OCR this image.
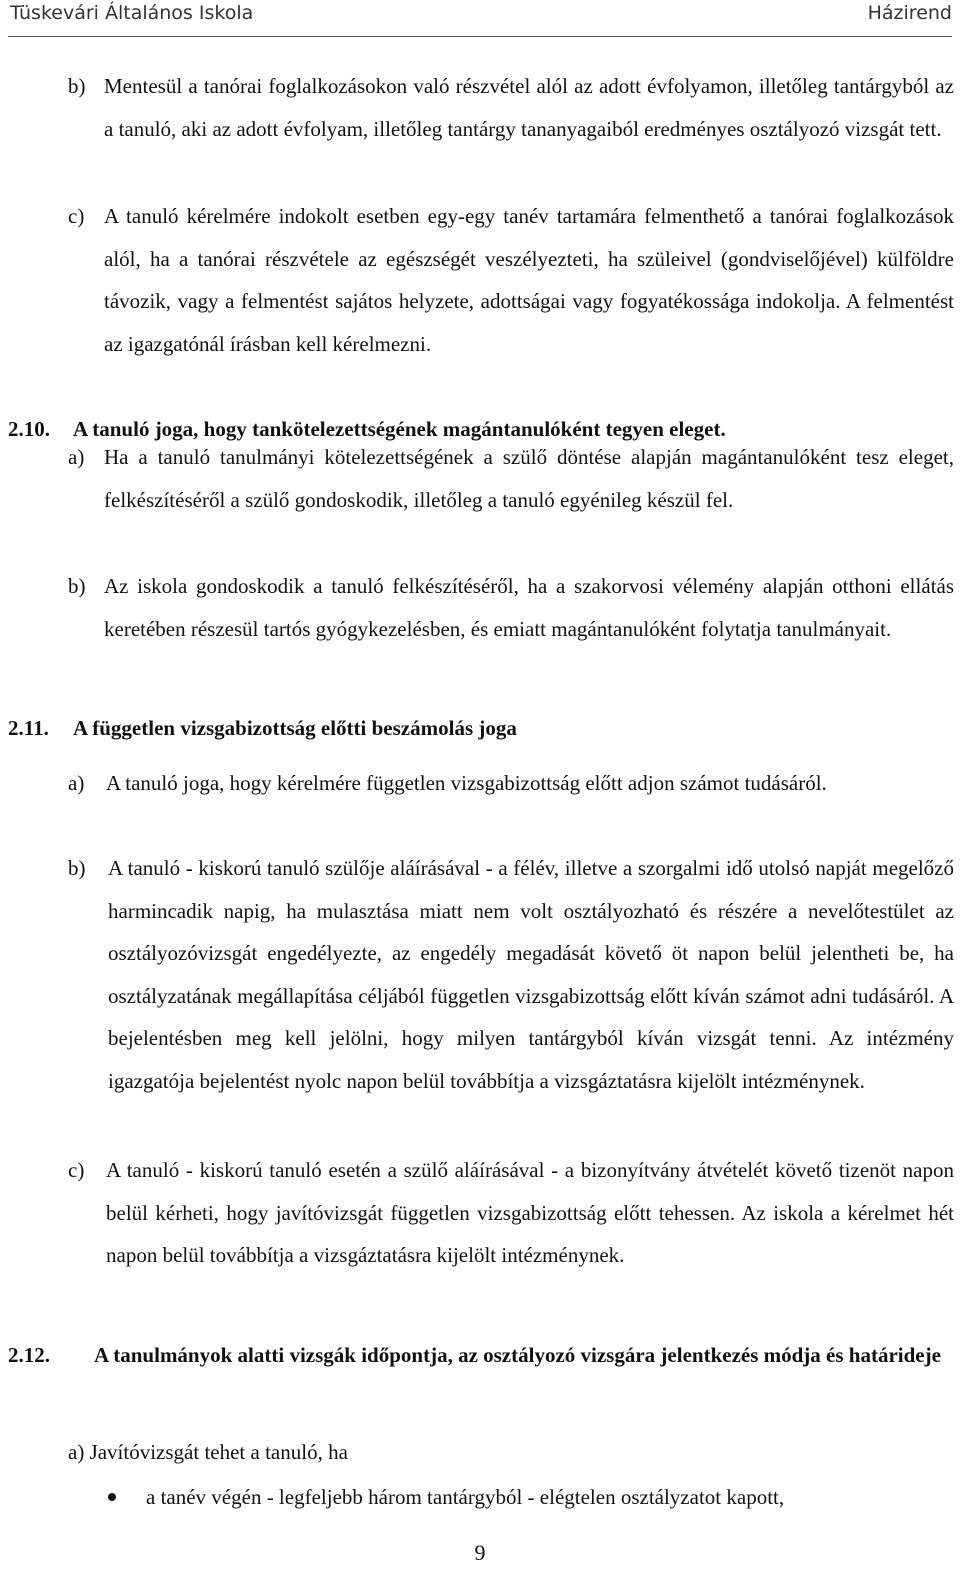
Tüskevári Általános Iskola	Házirend
b) Mentesül a tanórai foglalkozásokon való részvétel alól az adott évfolyamon, illetőleg tantárgyból az a tanuló, aki az adott évfolyam, illetőleg tantárgy tananyagaiból eredményes osztályozó vizsgát tett.
c) A tanuló kérelmére indokolt esetben egy-egy tanév tartamára felmenthető a tanórai foglalkozások alól, ha a tanórai részvétele az egészségét veszélyezteti, ha szüleivel (gondviselőjével) külföldre távozik, vagy a felmentést sajátos helyzete, adottságai vagy fogyatékossága indokolja. A felmentést az igazgatónál írásban kell kérelmezni.
2.10.	A tanuló joga, hogy tankötelezettségének magántanulóként tegyen eleget.
a) Ha a tanuló tanulmányi kötelezettségének a szülő döntése alapján magántanulóként tesz eleget, felkészítéséről a szülő gondoskodik, illetőleg a tanuló egyénileg készül fel.
b) Az iskola gondoskodik a tanuló felkészítéséről, ha a szakorvosi vélemény alapján otthoni ellátás keretében részesül tartós gyógykezelésben, és emiatt magántanulóként folytatja tanulmányait.
2.11.	A független vizsgabizottság előtti beszámolás joga
a)	A tanuló joga, hogy kérelmére független vizsgabizottság előtt adjon számot tudásáról.
b)	A tanuló - kiskorú tanuló szülője aláírásával - a félév, illetve a szorgalmi idő utolsó napját megelőző harmincadik napig, ha mulasztása miatt nem volt osztályozható és részére a nevelőtestület az osztályozóvizsgát engedélyezte, az engedély megadását követő öt napon belül jelentheti be, ha osztályzatának megállapítása céljából független vizsgabizottság előtt kíván számot adni tudásáról. A bejelentésben meg kell jelölni, hogy milyen tantárgyból kíván vizsgát tenni. Az intézmény igazgatója bejelentést nyolc napon belül továbbítja a vizsgáztatásra kijelölt intézménynek.
c)	A tanuló - kiskorú tanuló esetén a szülő aláírásával - a bizonyítvány átvételét követő tizenöt napon belül kérheti, hogy javítóvizsgát független vizsgabizottság előtt tehessen. Az iskola a kérelmet hét napon belül továbbítja a vizsgáztatásra kijelölt intézménynek.
2.12.	A tanulmányok alatti vizsgák időpontja, az osztályozó vizsgára jelentkezés módja és határideje
a) Javítóvizsgát tehet a tanuló, ha
a tanév végén - legfeljebb három tantárgyból - elégtelen osztályzatot kapott,
9
